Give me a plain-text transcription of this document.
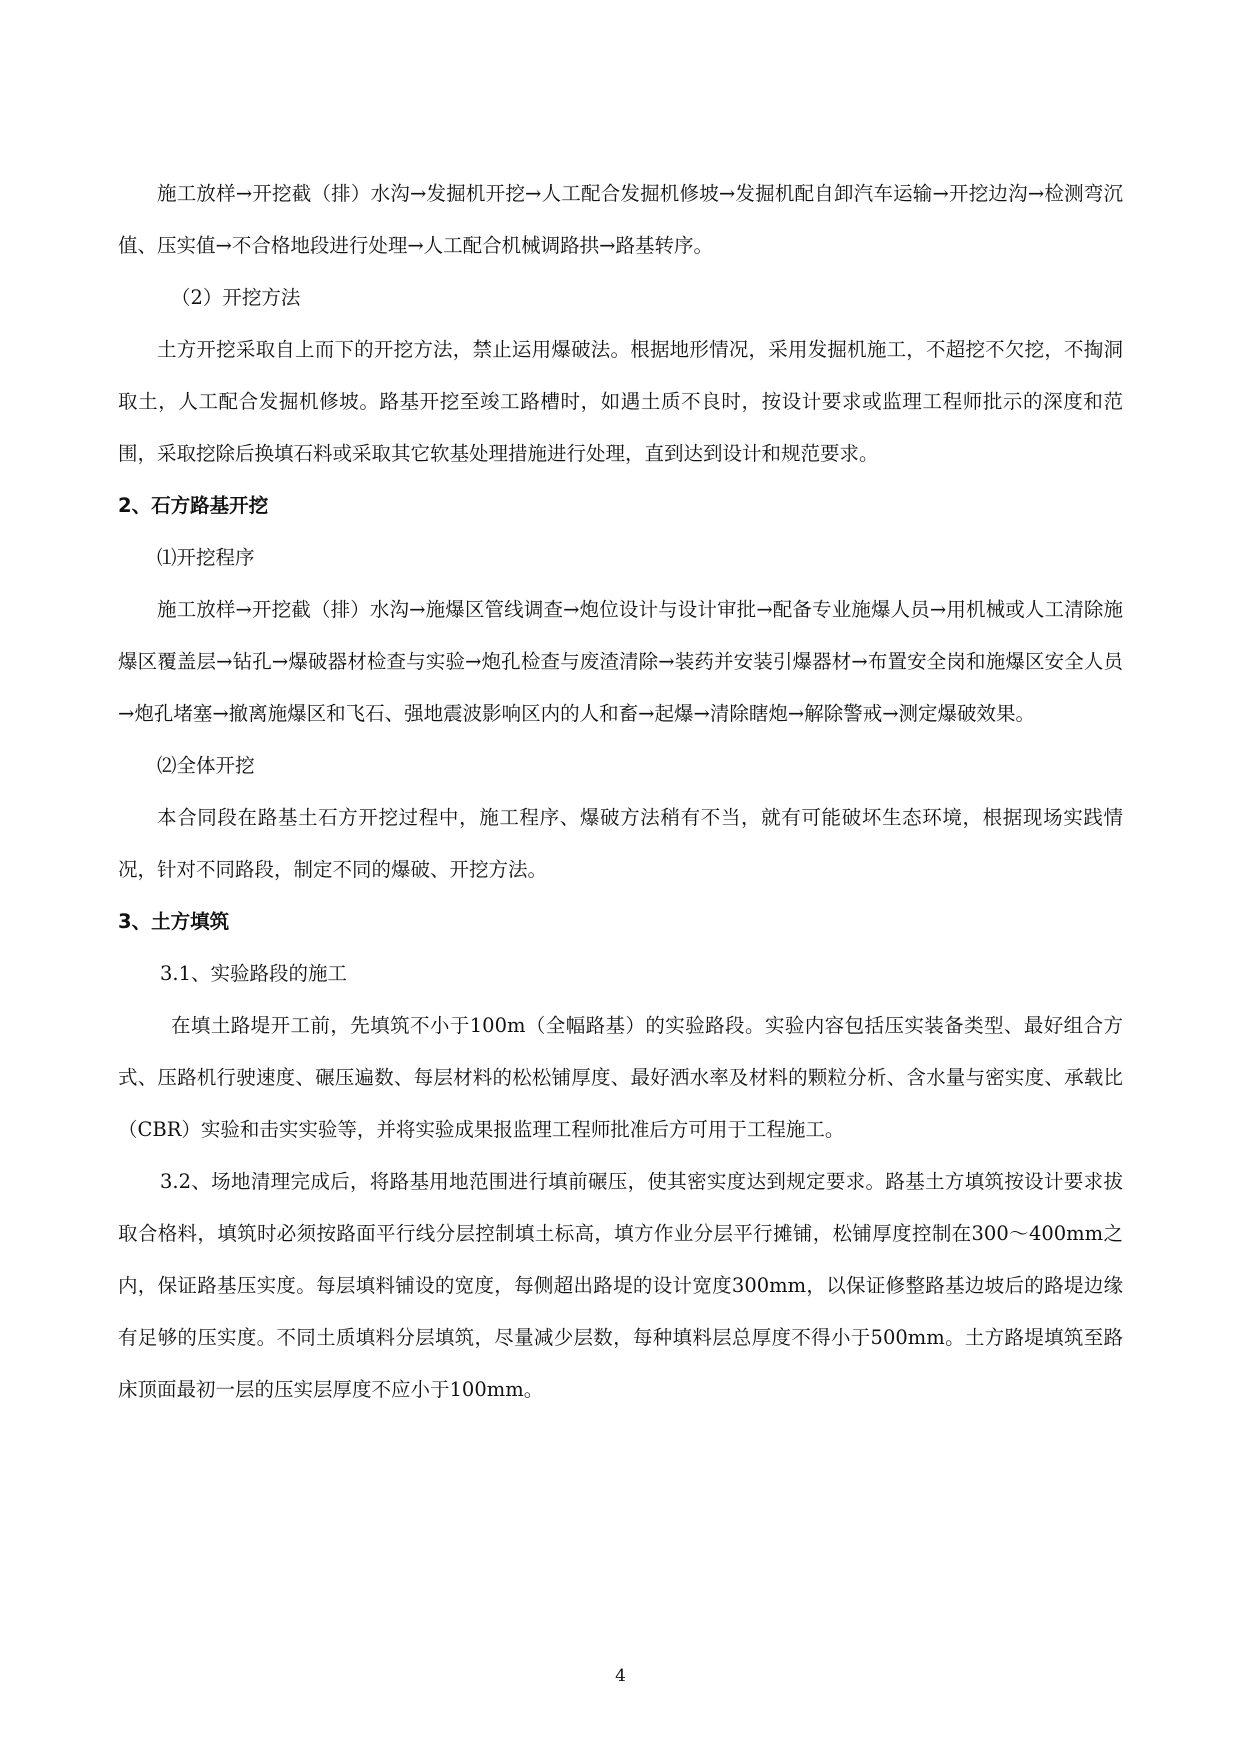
施工放样→开挖截（排）水沟→发掘机开挖→人工配合发掘机修坡→发掘机配自卸汽车运输→开挖边沟→检测弯沉值、压实值→不合格地段进行处理→人工配合机械调路拱→路基转序。

（2）开挖方法

土方开挖采取自上而下的开挖方法，禁止运用爆破法。根据地形情况，采用发掘机施工，不超挖不欠挖，不掏洞取土，人工配合发掘机修坡。路基开挖至竣工路槽时，如遇土质不良时，按设计要求或监理工程师批示的深度和范围，采取挖除后换填石料或采取其它软基处理措施进行处理，直到达到设计和规范要求。

2、石方路基开挖

⑴开挖程序

施工放样→开挖截（排）水沟→施爆区管线调查→炮位设计与设计审批→配备专业施爆人员→用机械或人工清除施爆区覆盖层→钻孔→爆破器材检查与实验→炮孔检查与废渣清除→装药并安装引爆器材→布置安全岗和施爆区安全人员→炮孔堵塞→撤离施爆区和飞石、强地震波影响区内的人和畜→起爆→清除瞎炮→解除警戒→测定爆破效果。

⑵全体开挖

本合同段在路基土石方开挖过程中，施工程序、爆破方法稍有不当，就有可能破坏生态环境，根据现场实践情况，针对不同路段，制定不同的爆破、开挖方法。

3、土方填筑

3.1、实验路段的施工

在填土路堤开工前，先填筑不小于100m（全幅路基）的实验路段。实验内容包括压实装备类型、最好组合方式、压路机行驶速度、碾压遍数、每层材料的松松铺厚度、最好洒水率及材料的颗粒分析、含水量与密实度、承载比（CBR）实验和击实实验等，并将实验成果报监理工程师批准后方可用于工程施工。

3.2、场地清理完成后，将路基用地范围进行填前碾压，使其密实度达到规定要求。路基土方填筑按设计要求拔取合格料，填筑时必须按路面平行线分层控制填土标高，填方作业分层平行摊铺，松铺厚度控制在300～400mm之内，保证路基压实度。每层填料铺设的宽度，每侧超出路堤的设计宽度300mm，以保证修整路基边坡后的路堤边缘有足够的压实度。不同土质填料分层填筑，尽量减少层数，每种填料层总厚度不得小于500mm。土方路堤填筑至路床顶面最初一层的压实层厚度不应小于100mm。

4
